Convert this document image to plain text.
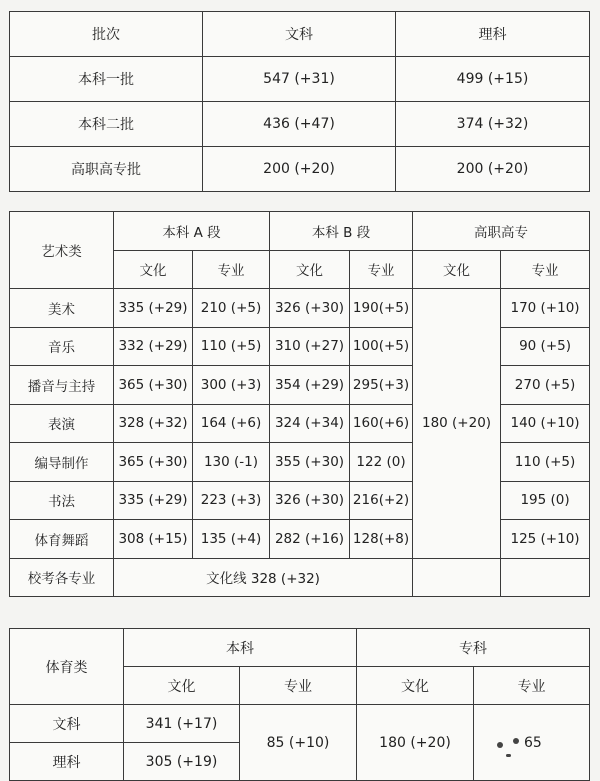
批次	文科	理科
本科一批	547 (+31)	499 (+15)
本科二批	436 (+47)	374 (+32)
高职高专批	200 (+20)	200 (+20)
艺术类	本科 A 段		本科 B 段		高职高专	
	文化	专业	文化	专业	文化	专业
美术	335 (+29)	210 (+5)	326 (+30)	190(+5)	180 (+20)	170 (+10)
音乐	332 (+29)	110 (+5)	310 (+27)	100(+5)		90 (+5)
播音与主持	365 (+30)	300 (+3)	354 (+29)	295(+3)		270 (+5)
表演	328 (+32)	164 (+6)	324 (+34)	160(+6)		140 (+10)
编导制作	365 (+30)	130 (-1)	355 (+30)	122 (0)		110 (+5)
书法	335 (+29)	223 (+3)	326 (+30)	216(+2)		195 (0)
体育舞蹈	308 (+15)	135 (+4)	282 (+16)	128(+8)		125 (+10)
校考各专业	文化线 328 (+32)					
体育类	本科		专科	
	文化	专业	文化	专业
文科	341 (+17)	85 (+10)	180 (+20)	65
理科	305 (+19)			
